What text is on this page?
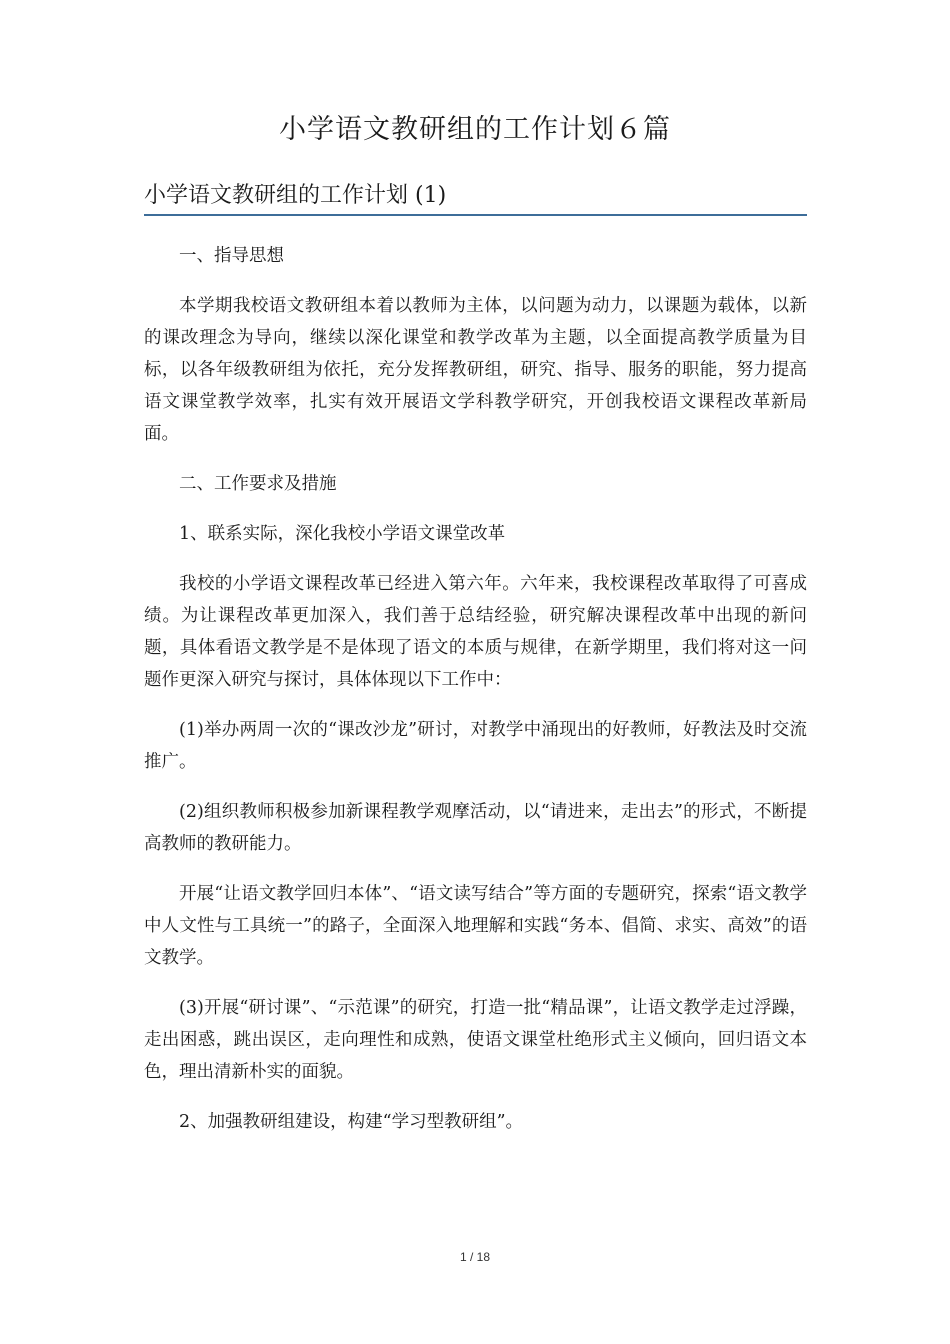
小学语文教研组的工作计划６篇
小学语文教研组的工作计划 (1)

一、指导思想

本学期我校语文教研组本着以教师为主体，以问题为动力，以课题为载体，以新的课改理念为导向，继续以深化课堂和教学改革为主题，以全面提高教学质量为目标，以各年级教研组为依托，充分发挥教研组，研究、指导、服务的职能，努力提高语文课堂教学效率，扎实有效开展语文学科教学研究，开创我校语文课程改革新局面。

二、工作要求及措施

1、联系实际，深化我校小学语文课堂改革

我校的小学语文课程改革已经进入第六年。六年来，我校课程改革取得了可喜成绩。为让课程改革更加深入，我们善于总结经验，研究解决课程改革中出现的新问题，具体看语文教学是不是体现了语文的本质与规律，在新学期里，我们将对这一问题作更深入研究与探讨，具体体现以下工作中：

(1)举办两周一次的“课改沙龙”研讨，对教学中涌现出的好教师，好教法及时交流推广。

(2)组织教师积极参加新课程教学观摩活动，以“请进来，走出去”的形式，不断提高教师的教研能力。

开展“让语文教学回归本体”、“语文读写结合”等方面的专题研究，探索“语文教学中人文性与工具统一”的路子，全面深入地理解和实践“务本、倡简、求实、高效”的语文教学。

(3)开展“研讨课”、“示范课”的研究，打造一批“精品课”，让语文教学走过浮躁，走出困惑，跳出误区，走向理性和成熟，使语文课堂杜绝形式主义倾向，回归语文本色，理出清新朴实的面貌。

2、加强教研组建设，构建“学习型教研组”。

1 / 18
